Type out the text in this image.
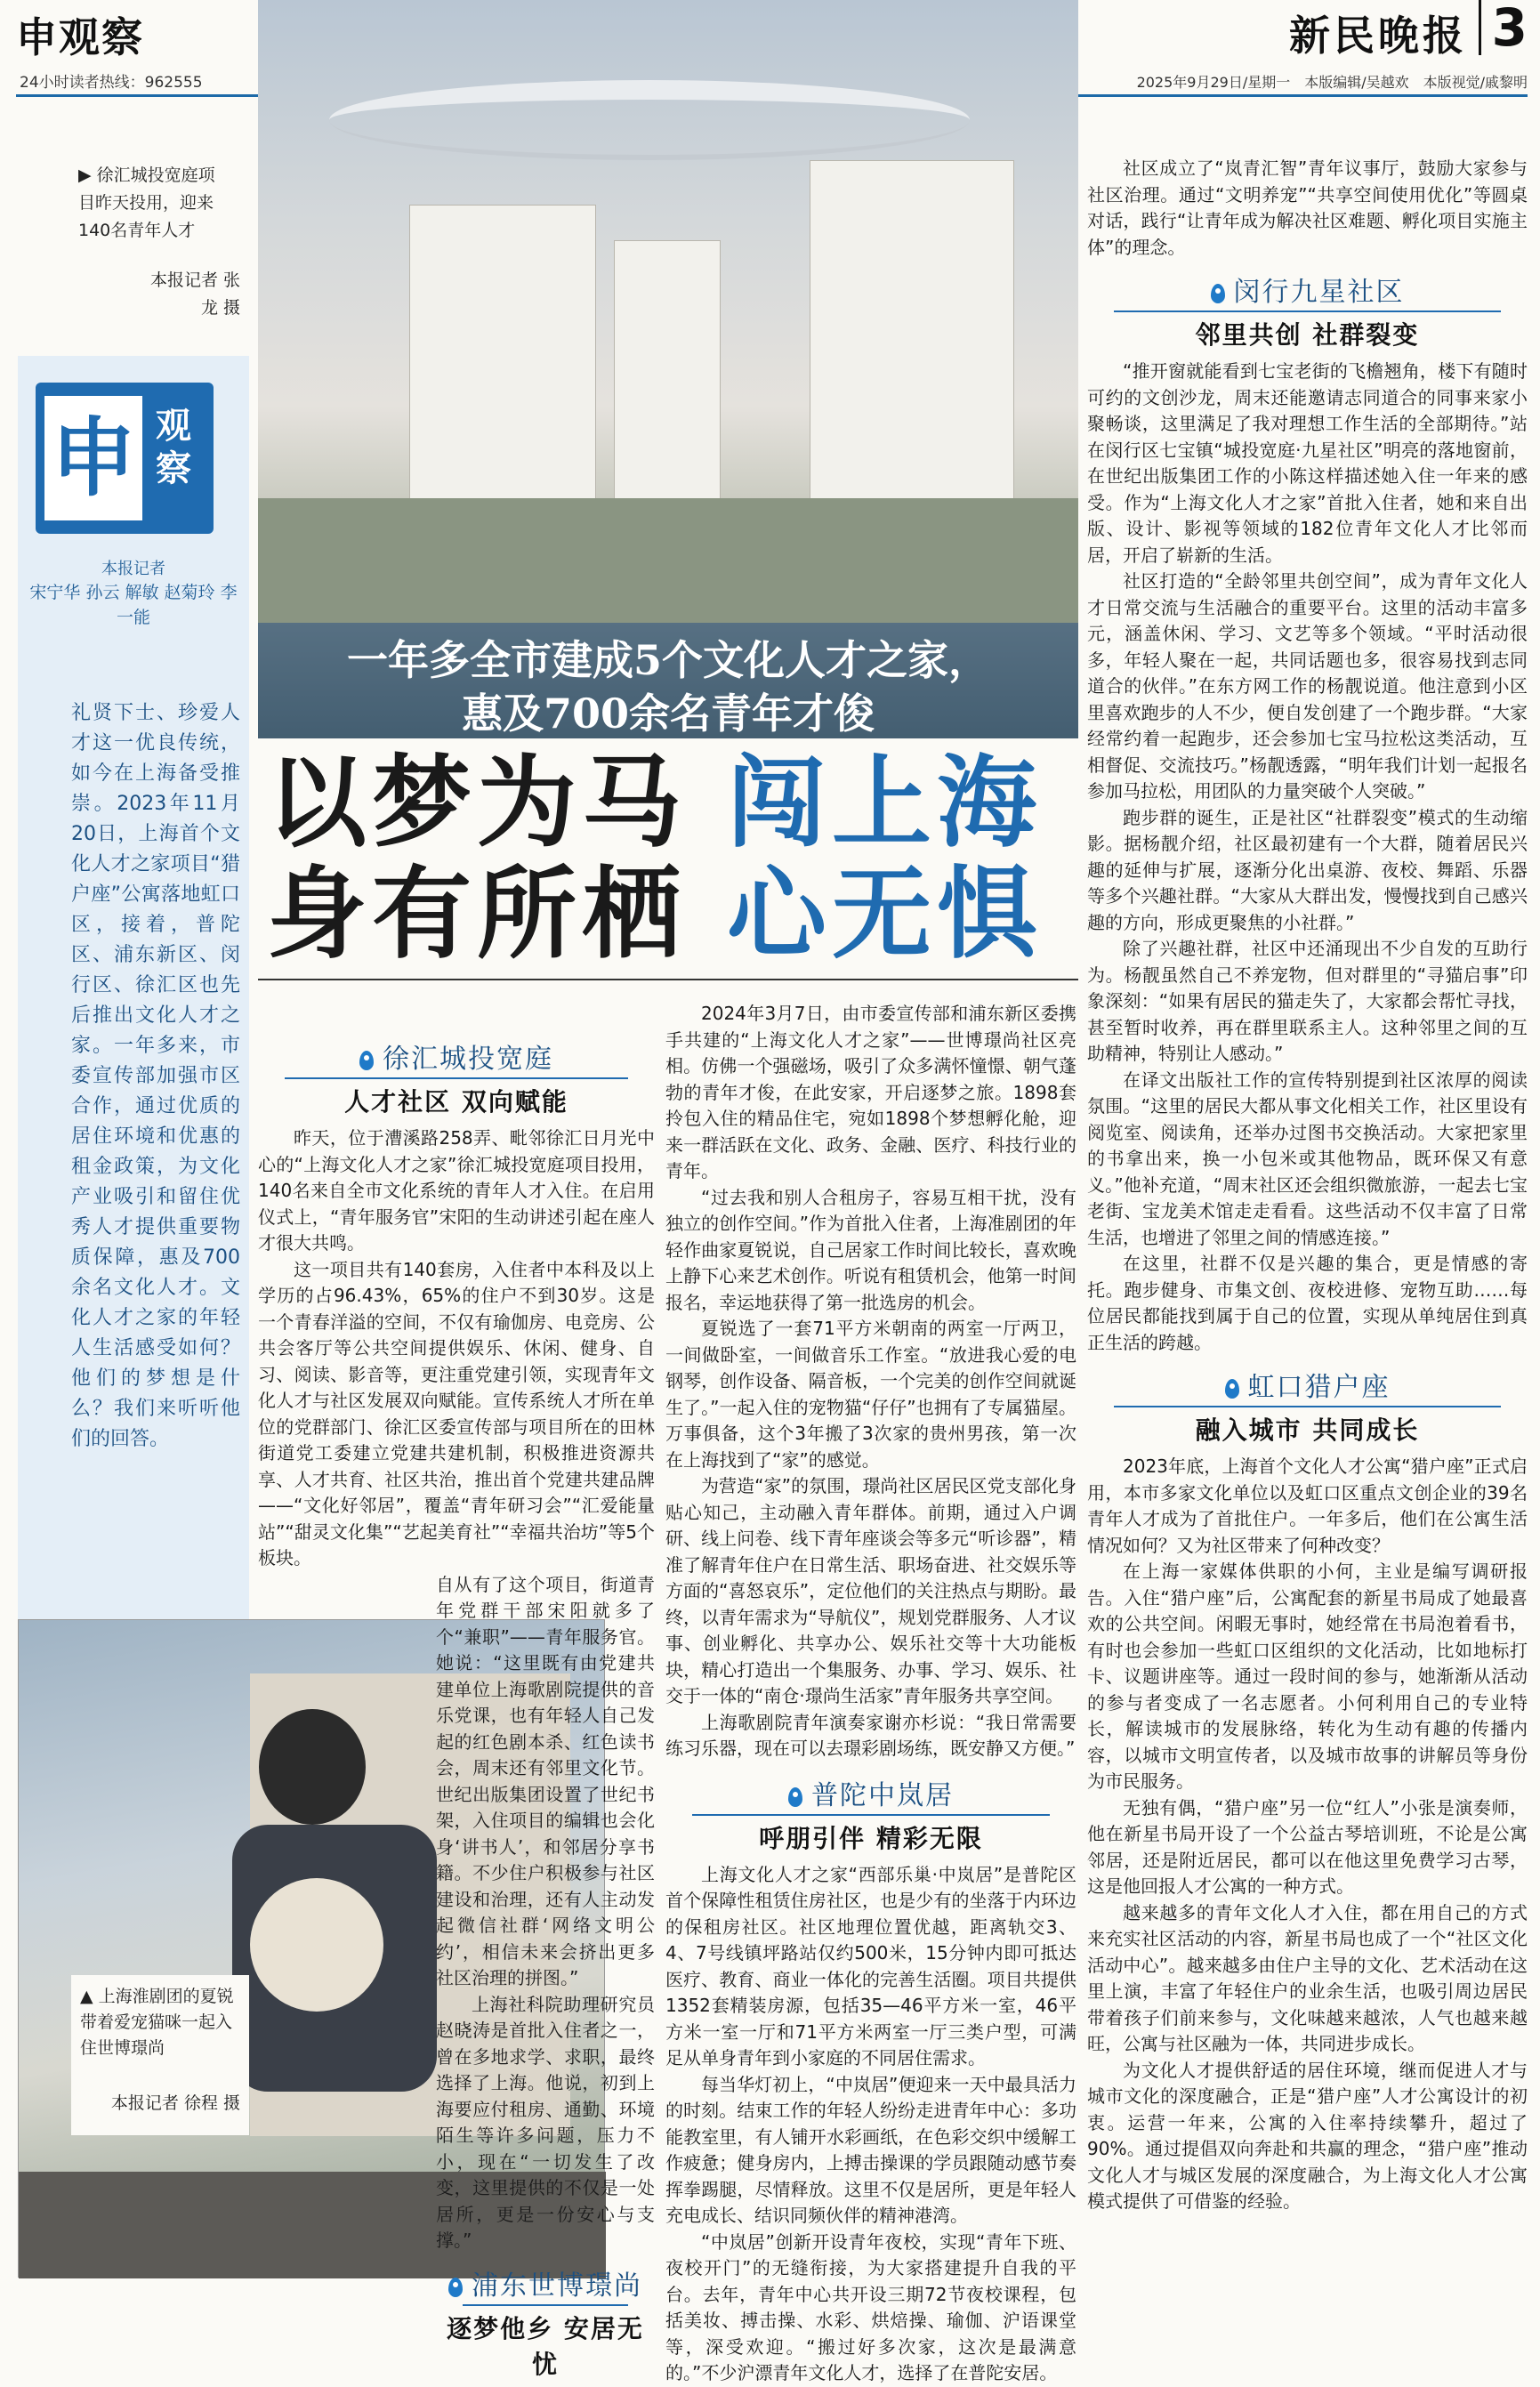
申观察
24小时读者热线：962555
新民晚报 3
2025年9月29日/星期一　本版编辑/吴越欢　本版视觉/戚黎明
一年多全市建成5个文化人才之家，
惠及700余名青年才俊
▶ 徐汇城投宽庭项目昨天投用，迎来140名青年人才
本报记者 张龙 摄
申 观察
本报记者
宋宁华 孙云 解敏 赵菊玲 李一能
礼贤下士、珍爱人才这一优良传统，如今在上海备受推崇。2023年11月20日，上海首个文化人才之家项目“猎户座”公寓落地虹口区，接着，普陀区、浦东新区、闵行区、徐汇区也先后推出文化人才之家。一年多来，市委宣传部加强市区合作，通过优质的居住环境和优惠的租金政策，为文化产业吸引和留住优秀人才提供重要物质保障，惠及700余名文化人才。文化人才之家的年轻人生活感受如何？他们的梦想是什么？我们来听听他们的回答。
以梦为马 闯上海
身有所栖 心无惧
徐汇城投宽庭
人才社区 双向赋能

昨天，位于漕溪路258弄、毗邻徐汇日月光中心的“上海文化人才之家”徐汇城投宽庭项目投用，140名来自全市文化系统的青年人才入住。在启用仪式上，“青年服务官”宋阳的生动讲述引起在座人才很大共鸣。

这一项目共有140套房，入住者中本科及以上学历的占96.43%，65%的住户不到30岁。这是一个青春洋溢的空间，不仅有瑜伽房、电竞房、公共会客厅等公共空间提供娱乐、休闲、健身、自习、阅读、影音等，更注重党建引领，实现青年文化人才与社区发展双向赋能。宣传系统人才所在单位的党群部门、徐汇区委宣传部与项目所在的田林街道党工委建立党建共建机制，积极推进资源共享、人才共育、社区共治，推出首个党建共建品牌——“文化好邻居”，覆盖“青年研习会”“汇爱能量站”“甜灵文化集”“艺起美育社”“幸福共治坊”等5个板块。

自从有了这个项目，街道青年党群干部宋阳就多了个“兼职”——青年服务官。她说：“这里既有由党建共建单位上海歌剧院提供的音乐党课，也有年轻人自己发起的红色剧本杀、红色读书会，周末还有邻里文化节。世纪出版集团设置了世纪书架，入住项目的编辑也会化身‘讲书人’，和邻居分享书籍。不少住户积极参与社区建设和治理，还有人主动发起微信社群‘网络文明公约’，相信未来会挤出更多社区治理的拼图。”

上海社科院助理研究员赵晓涛是首批入住者之一，曾在多地求学、求职，最终选择了上海。他说，初到上海要应付租房、通勤、环境陌生等许多问题，压力不小，现在“一切发生了改变，这里提供的不仅是一处居所，更是一份安心与支撑。”

浦东世博璟尚
逐梦他乡 安居无忧

2024年3月7日，由市委宣传部和浦东新区委携手共建的“上海文化人才之家”——世博璟尚社区亮相。仿佛一个强磁场，吸引了众多满怀憧憬、朝气蓬勃的青年才俊，在此安家，开启逐梦之旅。1898套拎包入住的精品住宅，宛如1898个梦想孵化舱，迎来一群活跃在文化、政务、金融、医疗、科技行业的青年。

“过去我和别人合租房子，容易互相干扰，没有独立的创作空间。”作为首批入住者，上海准剧团的年轻作曲家夏锐说，自己居家工作时间比较长，喜欢晚上静下心来艺术创作。听说有租赁机会，他第一时间报名，幸运地获得了第一批选房的机会。

夏锐选了一套71平方米朝南的两室一厅两卫，一间做卧室，一间做音乐工作室。“放进我心爱的电钢琴，创作设备、隔音板，一个完美的创作空间就诞生了。”一起入住的宠物猫“仔仔”也拥有了专属猫屋。万事俱备，这个3年搬了3次家的贵州男孩，第一次在上海找到了“家”的感觉。

为营造“家”的氛围，璟尚社区居民区党支部化身贴心知己，主动融入青年群体。前期，通过入户调研、线上问卷、线下青年座谈会等多元“听诊器”，精准了解青年住户在日常生活、职场奋进、社交娱乐等方面的“喜怒哀乐”，定位他们的关注热点与期盼。最终，以青年需求为“导航仪”，规划党群服务、人才议事、创业孵化、共享办公、娱乐社交等十大功能板块，精心打造出一个集服务、办事、学习、娱乐、社交于一体的“南仓·璟尚生活家”青年服务共享空间。

上海歌剧院青年演奏家谢亦杉说：“我日常需要练习乐器，现在可以去璟彩剧场练，既安静又方便。”

普陀中岚居
呼朋引伴 精彩无限

上海文化人才之家“西部乐巢·中岚居”是普陀区首个保障性租赁住房社区，也是少有的坐落于内环边的保租房社区。社区地理位置优越，距离轨交3、4、7号线镇坪路站仅约500米，15分钟内即可抵达医疗、教育、商业一体化的完善生活圈。项目共提供1352套精装房源，包括35—46平方米一室，46平方米一室一厅和71平方米两室一厅三类户型，可满足从单身青年到小家庭的不同居住需求。

每当华灯初上，“中岚居”便迎来一天中最具活力的时刻。结束工作的年轻人纷纷走进青年中心：多功能教室里，有人铺开水彩画纸，在色彩交织中缓解工作疲惫；健身房内，上搏击操课的学员跟随动感节奏挥拳踢腿，尽情释放。这里不仅是居所，更是年轻人充电成长、结识同频伙伴的精神港湾。

“中岚居”创新开设青年夜校，实现“青年下班、夜校开门”的无缝衔接，为大家搭建提升自我的平台。去年，青年中心共开设三期72节夜校课程，包括美妆、搏击操、水彩、烘焙操、瑜伽、沪语课堂等，深受欢迎。“搬过好多次家，这次是最满意的。”不少沪漂青年文化人才，选择了在普陀安居。

社区成立了“岚青汇智”青年议事厅，鼓励大家参与社区治理。通过“文明养宠”“共享空间使用优化”等圆桌对话，践行“让青年成为解决社区难题、孵化项目实施主体”的理念。

闵行九星社区
邻里共创 社群裂变

“推开窗就能看到七宝老街的飞檐翘角，楼下有随时可约的文创沙龙，周末还能邀请志同道合的同事来家小聚畅谈，这里满足了我对理想工作生活的全部期待。”站在闵行区七宝镇“城投宽庭·九星社区”明亮的落地窗前，在世纪出版集团工作的小陈这样描述她入住一年来的感受。作为“上海文化人才之家”首批入住者，她和来自出版、设计、影视等领域的182位青年文化人才比邻而居，开启了崭新的生活。

社区打造的“全龄邻里共创空间”，成为青年文化人才日常交流与生活融合的重要平台。这里的活动丰富多元，涵盖休闲、学习、文艺等多个领域。“平时活动很多，年轻人聚在一起，共同话题也多，很容易找到志同道合的伙伴。”在东方网工作的杨靓说道。他注意到小区里喜欢跑步的人不少，便自发创建了一个跑步群。“大家经常约着一起跑步，还会参加七宝马拉松这类活动，互相督促、交流技巧。”杨靓透露，“明年我们计划一起报名参加马拉松，用团队的力量突破个人突破。”

跑步群的诞生，正是社区“社群裂变”模式的生动缩影。据杨靓介绍，社区最初建有一个大群，随着居民兴趣的延伸与扩展，逐渐分化出桌游、夜校、舞蹈、乐器等多个兴趣社群。“大家从大群出发，慢慢找到自己感兴趣的方向，形成更聚焦的小社群。”

除了兴趣社群，社区中还涌现出不少自发的互助行为。杨靓虽然自己不养宠物，但对群里的“寻猫启事”印象深刻：“如果有居民的猫走失了，大家都会帮忙寻找，甚至暂时收养，再在群里联系主人。这种邻里之间的互助精神，特别让人感动。”

在译文出版社工作的宣传特别提到社区浓厚的阅读氛围。“这里的居民大都从事文化相关工作，社区里设有阅览室、阅读角，还举办过图书交换活动。大家把家里的书拿出来，换一小包米或其他物品，既环保又有意义。”他补充道，“周末社区还会组织微旅游，一起去七宝老街、宝龙美术馆走走看看。这些活动不仅丰富了日常生活，也增进了邻里之间的情感连接。”

在这里，社群不仅是兴趣的集合，更是情感的寄托。跑步健身、市集文创、夜校进修、宠物互助……每位居民都能找到属于自己的位置，实现从单纯居住到真正生活的跨越。

虹口猎户座
融入城市 共同成长

2023年底，上海首个文化人才公寓“猎户座”正式启用，本市多家文化单位以及虹口区重点文创企业的39名青年人才成为了首批住户。一年多后，他们在公寓生活情况如何？又为社区带来了何种改变？

在上海一家媒体供职的小何，主业是编写调研报告。入住“猎户座”后，公寓配套的新星书局成了她最喜欢的公共空间。闲暇无事时，她经常在书局泡着看书，有时也会参加一些虹口区组织的文化活动，比如地标打卡、议题讲座等。通过一段时间的参与，她渐渐从活动的参与者变成了一名志愿者。小何利用自己的专业特长，解读城市的发展脉络，转化为生动有趣的传播内容，以城市文明宣传者，以及城市故事的讲解员等身份为市民服务。

无独有偶，“猎户座”另一位“红人”小张是演奏师，他在新星书局开设了一个公益古琴培训班，不论是公寓邻居，还是附近居民，都可以在他这里免费学习古琴，这是他回报人才公寓的一种方式。

越来越多的青年文化人才入住，都在用自己的方式来充实社区活动的内容，新星书局也成了一个“社区文化活动中心”。越来越多由住户主导的文化、艺术活动在这里上演，丰富了年轻住户的业余生活，也吸引周边居民带着孩子们前来参与，文化味越来越浓，人气也越来越旺，公寓与社区融为一体，共同进步成长。

为文化人才提供舒适的居住环境，继而促进人才与城市文化的深度融合，正是“猎户座”人才公寓设计的初衷。运营一年来，公寓的入住率持续攀升，超过了90%。通过提倡双向奔赴和共赢的理念，“猎户座”推动文化人才与城区发展的深度融合，为上海文化人才公寓模式提供了可借鉴的经验。

▲ 上海淮剧团的夏锐带着爱宠猫咪一起入住世博璟尚
本报记者 徐程 摄
